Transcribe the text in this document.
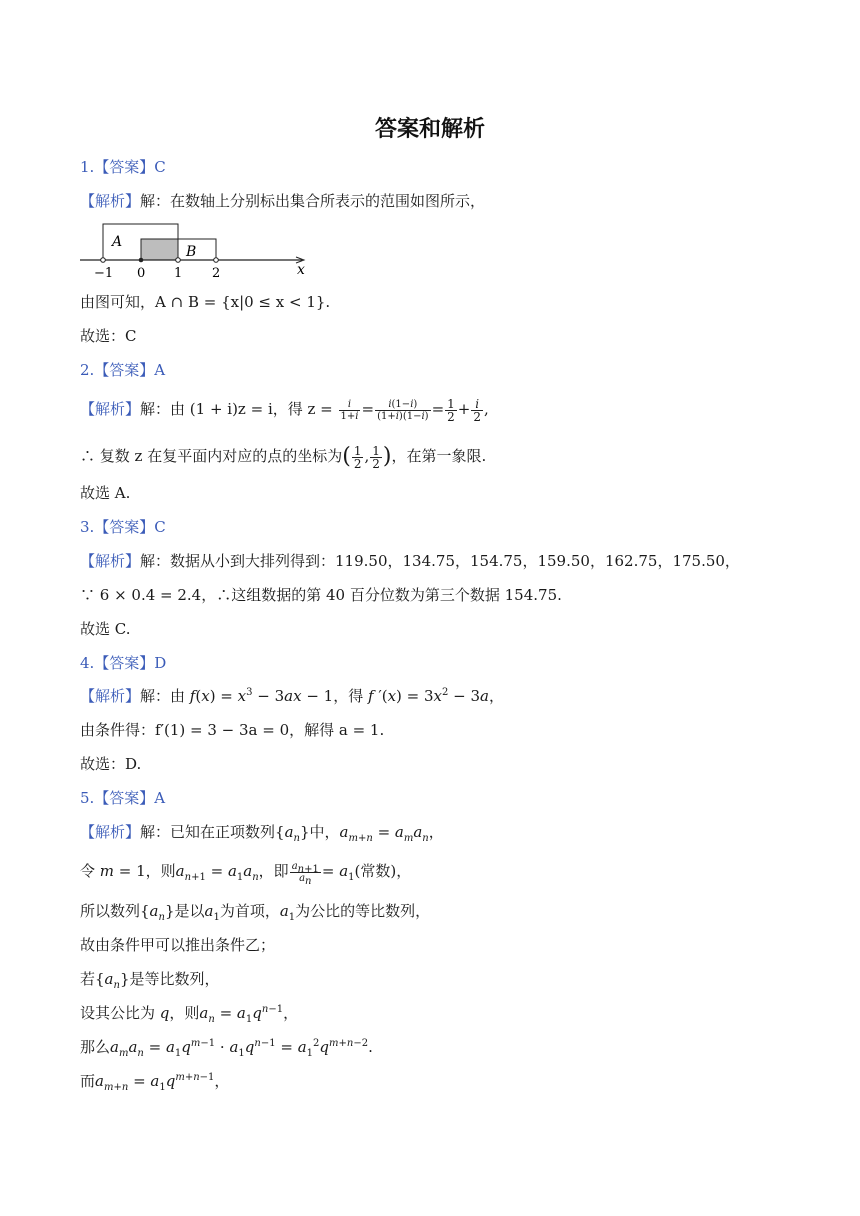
答案和解析
1.【答案】C
【解析】解：在数轴上分别标出集合所表示的范围如图所示，
A
B
−1 0 1 2	x
由图可知，A ∩ B = {x|0 ≤ x < 1}.
故选：C
2.【答案】A
【解析】解：由 (1 + i)z = i，得 $z = \frac{i}{1+i} = \frac{i(1-i)}{(1+i)(1-i)} = \frac{1}{2} + \frac{i}{2}$ ,
∴ 复数 z 在复平面内对应的点的坐标为( $\frac{1}{2}$ , $\frac{1}{2}$ )，在第一象限.
故选 A.
3.【答案】C
【解析】解：数据从小到大排列得到：119.50，134.75，154.75，159.50，162.75，175.50，
∵ 6 × 0.4 = 2.4，∴这组数据的第 40 百分位数为第三个数据 154.75.
故选 C.
4.【答案】D
【解析】解：由 $f(x) = x^3 - 3ax - 1$，得 f $'(x) = 3x^2 - 3a$，
由条件得：f′(1) = 3 − 3a = 0，解得 a = 1.
故选：D.
5.【答案】A
【解析】解：已知在正项数列$\{a_n\}$中，$a_{m+n} = a_ma_n$，
令 m = 1，则$a_{n+1} = a_1a_n$，即 $\frac{a_{n+1}}{a_n} = a_1$(常数)，
所以数列$\{a_n\}$是以$a_1$为首项，$a_1$为公比的等比数列，
故由条件甲可以推出条件乙；
若$\{a_n\}$是等比数列，
设其公比为 q，则$a_n = a_1q^{n-1}$，
那么$a_ma_n = a_1q^{m-1} \cdot a_1q^{n-1} = a_1^2q^{m+n-2}$.
而$a_{m+n} = a_1q^{m+n-1}$，
